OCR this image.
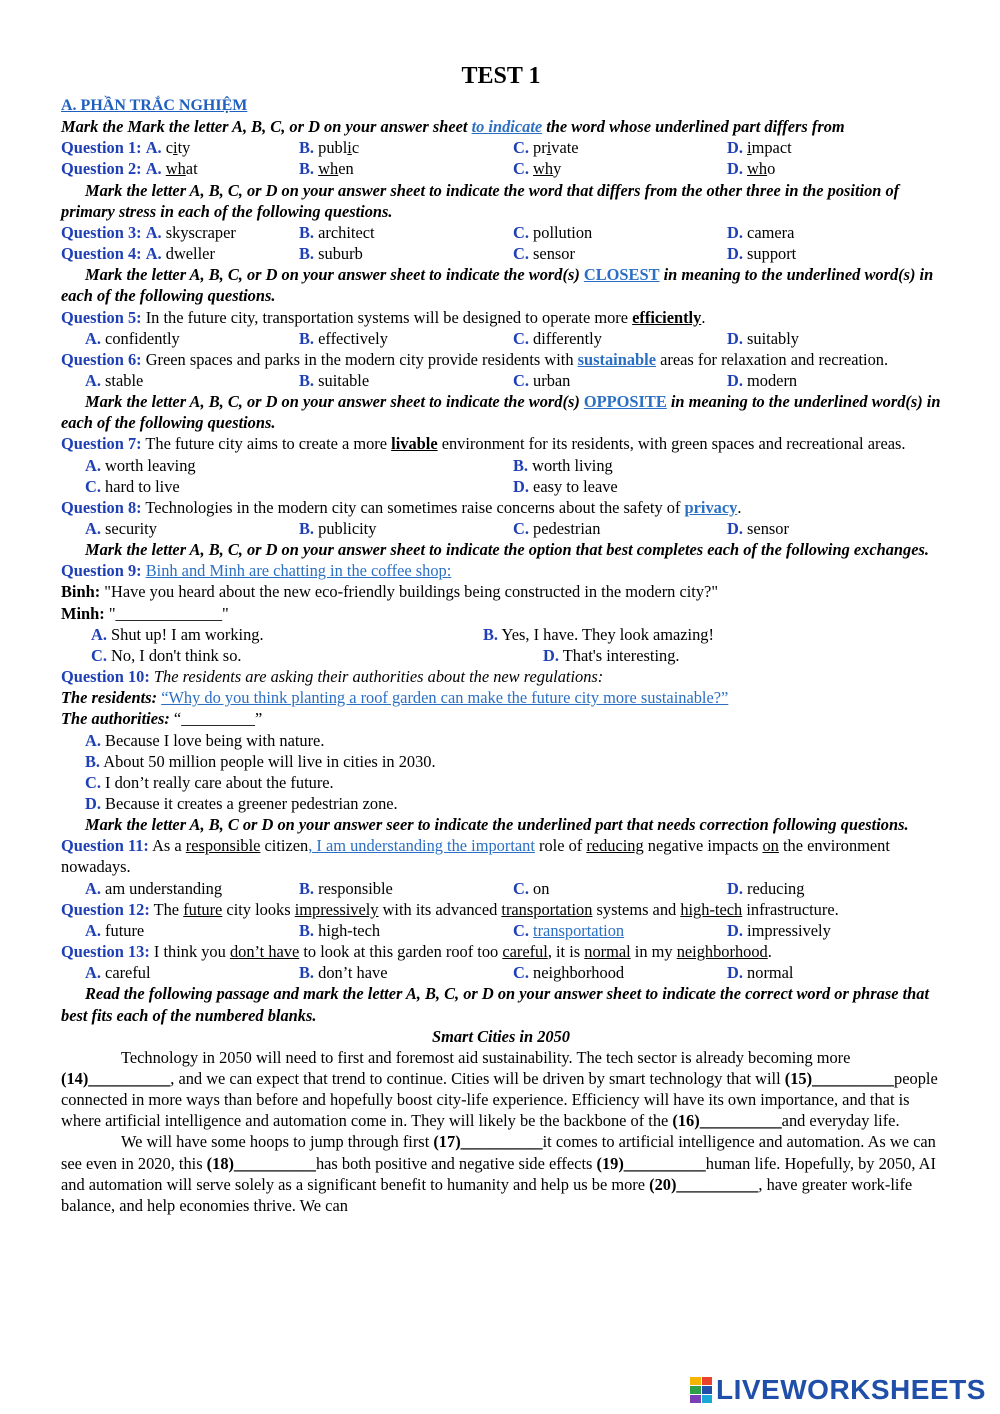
TEST 1
A. PHẦN TRẮC NGHIỆM
Mark the Mark the letter A, B, C, or D on your answer sheet to indicate the word whose underlined part differs from
Question 1: A. city	B. public	C. private	D. impact
Question 2: A. what	B. when	C. why	D. who
Mark the letter A, B, C, or D on your answer sheet to indicate the word that differs from the other three in the position of primary stress in each of the following questions.
Question 3: A. skyscraper	B. architect	C. pollution	D. camera
Question 4: A. dweller	B. suburb	C. sensor	D. support
Mark the letter A, B, C, or D on your answer sheet to indicate the word(s) CLOSEST in meaning to the underlined word(s) in each of the following questions.
Question 5: In the future city, transportation systems will be designed to operate more efficiently.
A. confidently	B. effectively	C. differently	D. suitably
Question 6: Green spaces and parks in the modern city provide residents with sustainable areas for relaxation and recreation.
A. stable	B. suitable	C. urban	D. modern
Mark the letter A, B, C, or D on your answer sheet to indicate the word(s) OPPOSITE in meaning to the underlined word(s) in each of the following questions.
Question 7: The future city aims to create a more livable environment for its residents, with green spaces and recreational areas.
A. worth leaving	B. worth living
C. hard to live	D. easy to leave
Question 8: Technologies in the modern city can sometimes raise concerns about the safety of privacy.
A. security	B. publicity	C. pedestrian	D. sensor
Mark the letter A, B, C, or D on your answer sheet to indicate the option that best completes each of the following exchanges.
Question 9: Binh and Minh are chatting in the coffee shop:
Binh: "Have you heard about the new eco-friendly buildings being constructed in the modern city?"
Minh: "_____________"
A. Shut up! I am working.	B. Yes, I have. They look amazing!
C. No, I don't think so.	D. That's interesting.
Question 10: The residents are asking their authorities about the new regulations:
The residents: “Why do you think planting a roof garden can make the future city more sustainable?”
The authorities: “_________”
A. Because I love being with nature.
B. About 50 million people will live in cities in 2030.
C. I don’t really care about the future.
D. Because it creates a greener pedestrian zone.
Mark the letter A, B, C or D on your answer seer to indicate the underlined part that needs correction following questions.
Question 11: As a responsible citizen, I am understanding the important role of reducing negative impacts on the environment nowadays.
A. am understanding	B. responsible	C. on	D. reducing
Question 12: The future city looks impressively with its advanced transportation systems and high-tech infrastructure.
A. future	B. high-tech	C. transportation	D. impressively
Question 13: I think you don’t have to look at this garden roof too careful, it is normal in my neighborhood.
A. careful	B. don’t have	C. neighborhood	D. normal
Read the following passage and mark the letter A, B, C, or D on your answer sheet to indicate the correct word or phrase that best fits each of the numbered blanks.
Smart Cities in 2050
Technology in 2050 will need to first and foremost aid sustainability. The tech sector is already becoming more (14)__________, and we can expect that trend to continue. Cities will be driven by smart technology that will (15)__________people connected in more ways than before and hopefully boost city-life experience. Efficiency will have its own importance, and that is where artificial intelligence and automation come in. They will likely be the backbone of the (16)__________and everyday life.
We will have some hoops to jump through first (17)__________it comes to artificial intelligence and automation. As we can see even in 2020, this (18)__________has both positive and negative side effects (19)__________human life. Hopefully, by 2050, AI and automation will serve solely as a significant benefit to humanity and help us be more (20)__________, have greater work-life balance, and help economies thrive. We can
LIVEWORKSHEETS
